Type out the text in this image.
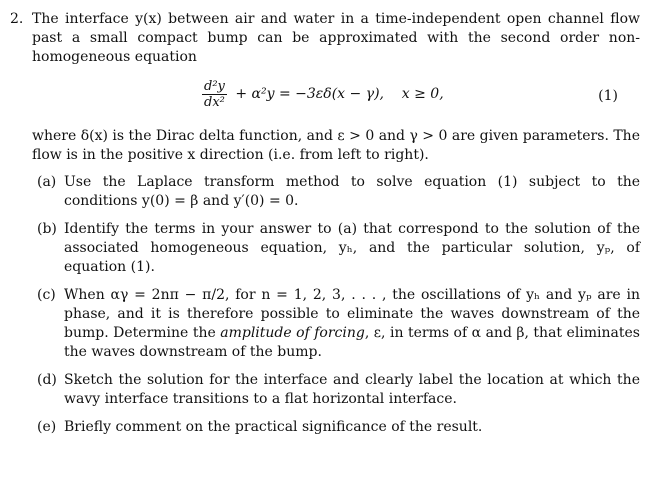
2. The interface y(x) between air and water in a time-independent open channel flow past a small compact bump can be approximated with the second order non-homogeneous equation
$\frac{\text{d²y}}{\text{dx²}} + \alpha^2y = -3\varepsilon\delta(x - \gamma)$,    x ≥ 0,	(1)
where δ(x) is the Dirac delta function, and ε > 0 and γ > 0 are given parameters. The flow is in the positive x direction (i.e. from left to right).
(a) Use the Laplace transform method to solve equation (1) subject to the conditions y(0) = β and y′(0) = 0.
(b) Identify the terms in your answer to (a) that correspond to the solution of the associated homogeneous equation, yₕ, and the particular solution, yₚ, of equation (1).
(c) When αγ = 2nπ − π/2, for n = 1, 2, 3, . . . , the oscillations of yₕ and yₚ are in phase, and it is therefore possible to eliminate the waves downstream of the bump. Determine the amplitude of forcing, ε, in terms of α and β, that eliminates the waves downstream of the bump.
(d) Sketch the solution for the interface and clearly label the location at which the wavy interface transitions to a flat horizontal interface.
(e) Briefly comment on the practical significance of the result.
